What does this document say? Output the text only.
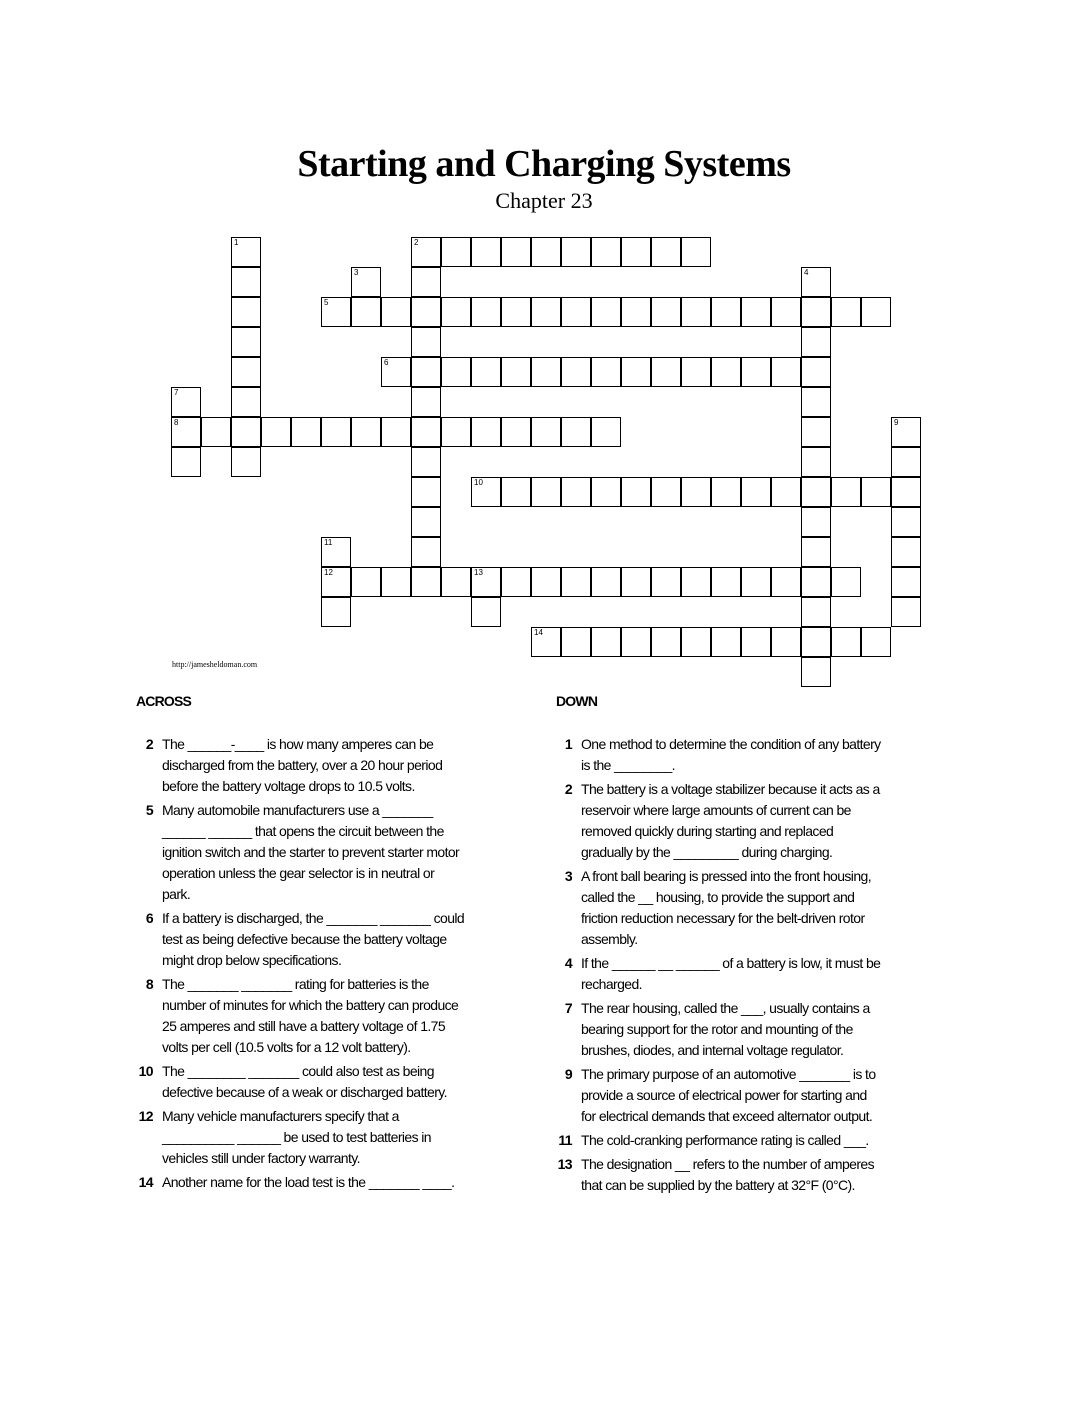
Starting and Charging Systems
Chapter 23
2
5
6
8
10
12	13
14
1
3	4
7
9
11
http://jamesheldoman.com
ACROSS	DOWN
2 The ______-____ is how many amperes can be discharged from the battery, over a 20 hour period before the battery voltage drops to 10.5 volts.
5 Many automobile manufacturers use a _______ ______ ______ that opens the circuit between the ignition switch and the starter to prevent starter motor operation unless the gear selector is in neutral or park.
6 If a battery is discharged, the _______ _______ could test as being defective because the battery voltage might drop below specifications.
8 The _______ _______ rating for batteries is the number of minutes for which the battery can produce 25 amperes and still have a battery voltage of 1.75 volts per cell (10.5 volts for a 12 volt battery).
10 The ________ _______ could also test as being defective because of a weak or discharged battery.
12 Many vehicle manufacturers specify that a __________ ______ be used to test batteries in vehicles still under factory warranty.
14 Another name for the load test is the _______ ____.
1 One method to determine the condition of any battery is the ________.
2 The battery is a voltage stabilizer because it acts as a reservoir where large amounts of current can be removed quickly during starting and replaced gradually by the _________ during charging.
3 A front ball bearing is pressed into the front housing, called the __ housing, to provide the support and friction reduction necessary for the belt-driven rotor assembly.
4 If the ______ __ ______ of a battery is low, it must be recharged.
7 The rear housing, called the ___, usually contains a bearing support for the rotor and mounting of the brushes, diodes, and internal voltage regulator.
9 The primary purpose of an automotive _______ is to provide a source of electrical power for starting and for electrical demands that exceed alternator output.
11 The cold-cranking performance rating is called ___.
13 The designation __ refers to the number of amperes that can be supplied by the battery at 32°F (0°C).
